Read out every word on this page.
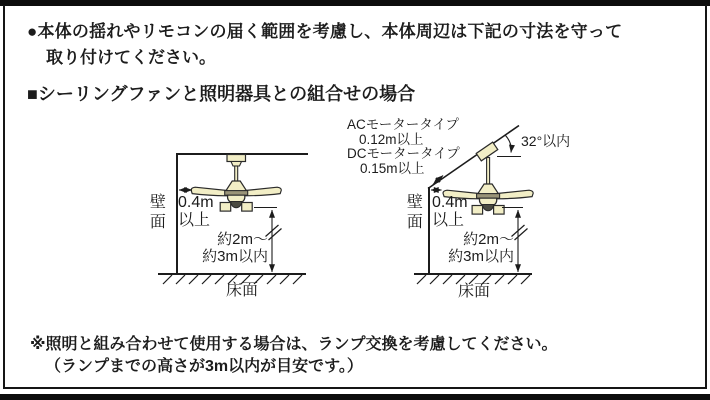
●本体の揺れやリモコンの届く範囲を考慮し、本体周辺は下記の寸法を守って
取り付けてください。
■シーリングファンと照明器具との組合せの場合
ACモータータイプ
0.12m以上
DCモータータイプ
0.15m以上
32°以内
壁面	壁面
0.4m
以上
0.4m
以上
約2m〜
約3m以内
約2m〜
約3m以内
床面	床面
※照明と組み合わせて使用する場合は、ランプ交換を考慮してください。
（ランプまでの高さが3m以内が目安です。）
